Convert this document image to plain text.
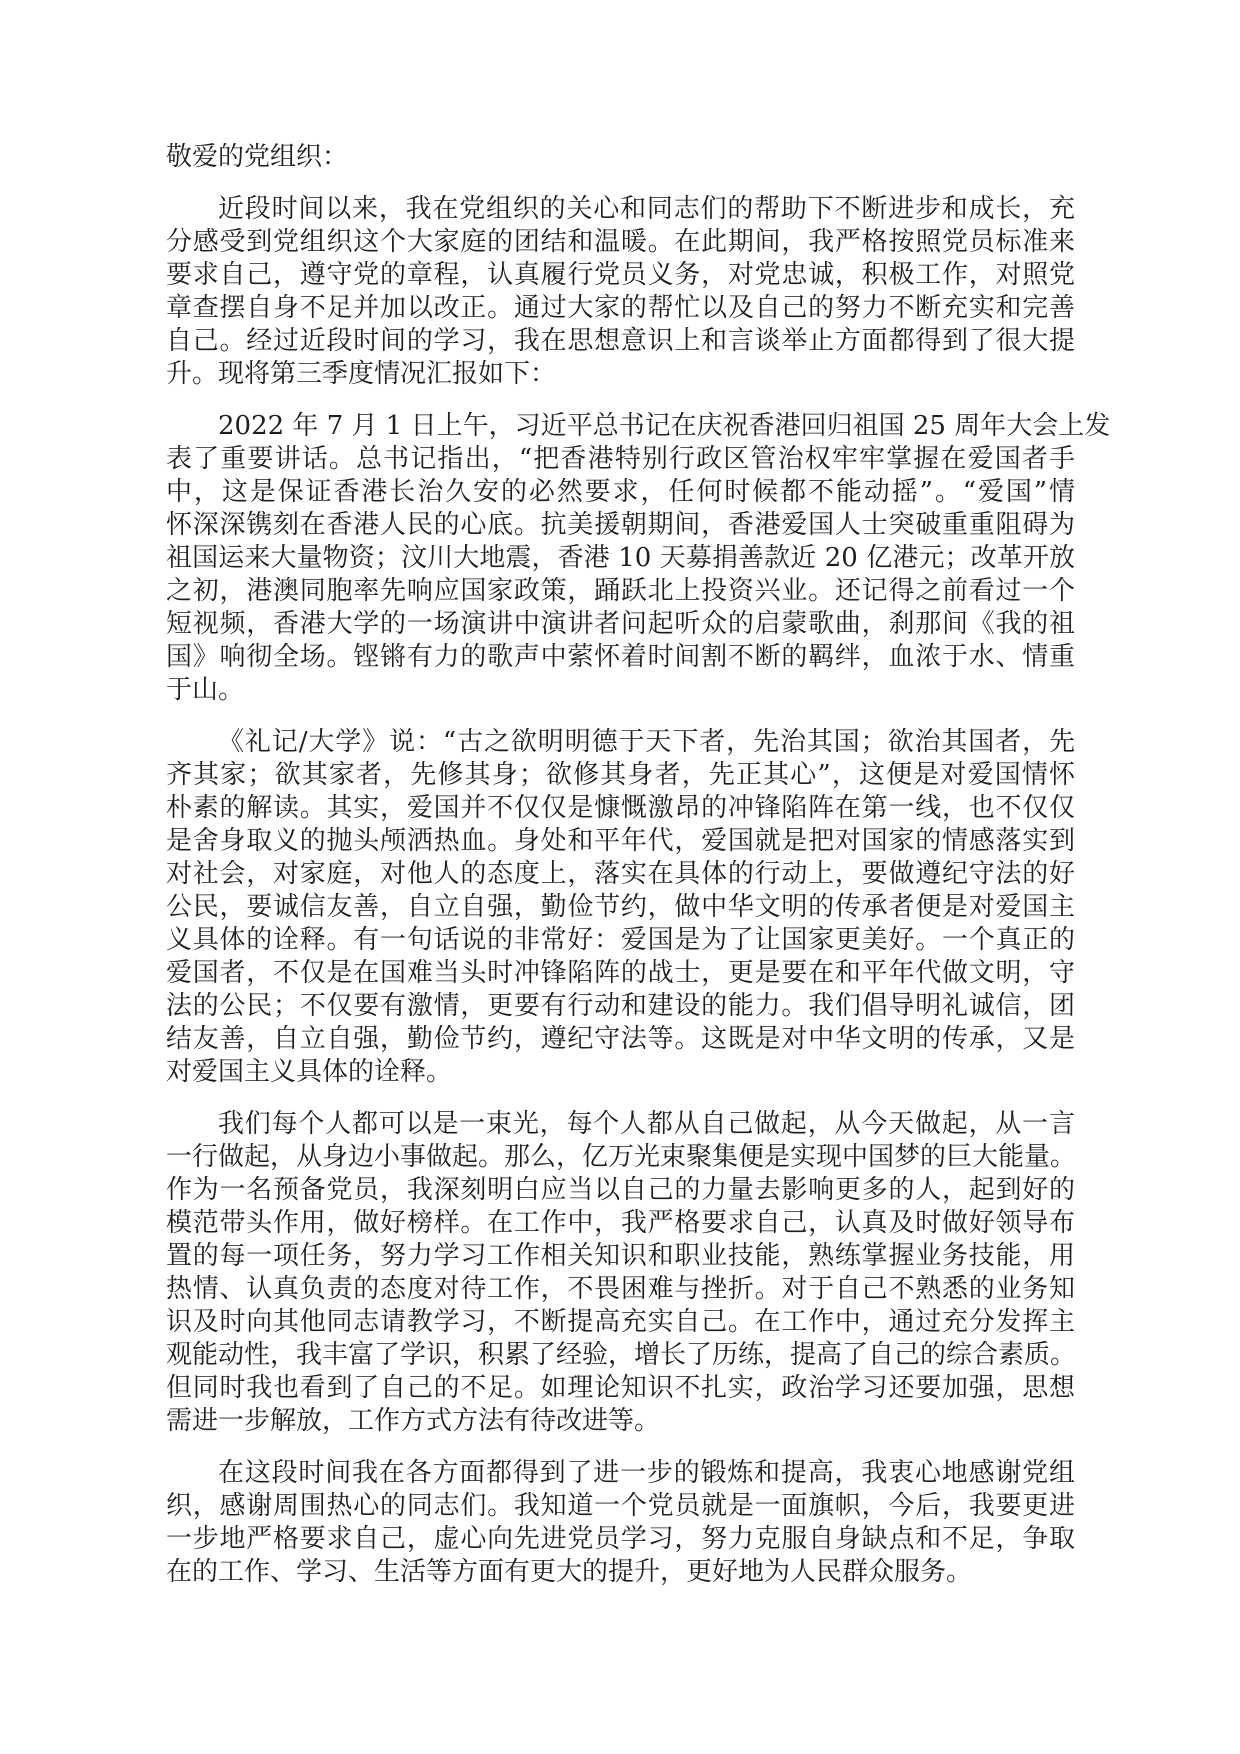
敬爱的党组织：
近段时间以来，我在党组织的关心和同志们的帮助下不断进步和成长，充
分感受到党组织这个大家庭的团结和温暖。在此期间，我严格按照党员标准来
要求自己，遵守党的章程，认真履行党员义务，对党忠诚，积极工作，对照党
章查摆自身不足并加以改正。通过大家的帮忙以及自己的努力不断充实和完善
自己。经过近段时间的学习，我在思想意识上和言谈举止方面都得到了很大提
升。现将第三季度情况汇报如下：
2022 年 7 月 1 日上午，习近平总书记在庆祝香港回归祖国 25 周年大会上发
表了重要讲话。总书记指出，“把香港特别行政区管治权牢牢掌握在爱国者手
中，这是保证香港长治久安的必然要求，任何时候都不能动摇”。“爱国”情
怀深深镌刻在香港人民的心底。抗美援朝期间，香港爱国人士突破重重阻碍为
祖国运来大量物资；汶川大地震，香港 10 天募捐善款近 20 亿港元；改革开放
之初，港澳同胞率先响应国家政策，踊跃北上投资兴业。还记得之前看过一个
短视频，香港大学的一场演讲中演讲者问起听众的启蒙歌曲，刹那间《我的祖
国》响彻全场。铿锵有力的歌声中萦怀着时间割不断的羁绊，血浓于水、情重
于山。
《礼记/大学》说：“古之欲明明德于天下者，先治其国；欲治其国者，先
齐其家；欲其家者，先修其身；欲修其身者，先正其心”，这便是对爱国情怀
朴素的解读。其实，爱国并不仅仅是慷慨激昂的冲锋陷阵在第一线，也不仅仅
是舍身取义的抛头颅洒热血。身处和平年代，爱国就是把对国家的情感落实到
对社会，对家庭，对他人的态度上，落实在具体的行动上，要做遵纪守法的好
公民，要诚信友善，自立自强，勤俭节约，做中华文明的传承者便是对爱国主
义具体的诠释。有一句话说的非常好：爱国是为了让国家更美好。一个真正的
爱国者，不仅是在国难当头时冲锋陷阵的战士，更是要在和平年代做文明，守
法的公民；不仅要有激情，更要有行动和建设的能力。我们倡导明礼诚信，团
结友善，自立自强，勤俭节约，遵纪守法等。这既是对中华文明的传承，又是
对爱国主义具体的诠释。
我们每个人都可以是一束光，每个人都从自己做起，从今天做起，从一言
一行做起，从身边小事做起。那么，亿万光束聚集便是实现中国梦的巨大能量。
作为一名预备党员，我深刻明白应当以自己的力量去影响更多的人，起到好的
模范带头作用，做好榜样。在工作中，我严格要求自己，认真及时做好领导布
置的每一项任务，努力学习工作相关知识和职业技能，熟练掌握业务技能，用
热情、认真负责的态度对待工作，不畏困难与挫折。对于自己不熟悉的业务知
识及时向其他同志请教学习，不断提高充实自己。在工作中，通过充分发挥主
观能动性，我丰富了学识，积累了经验，增长了历练，提高了自己的综合素质。
但同时我也看到了自己的不足。如理论知识不扎实，政治学习还要加强，思想
需进一步解放，工作方式方法有待改进等。
在这段时间我在各方面都得到了进一步的锻炼和提高，我衷心地感谢党组
织，感谢周围热心的同志们。我知道一个党员就是一面旗帜，今后，我要更进
一步地严格要求自己，虚心向先进党员学习，努力克服自身缺点和不足，争取
在的工作、学习、生活等方面有更大的提升，更好地为人民群众服务。
